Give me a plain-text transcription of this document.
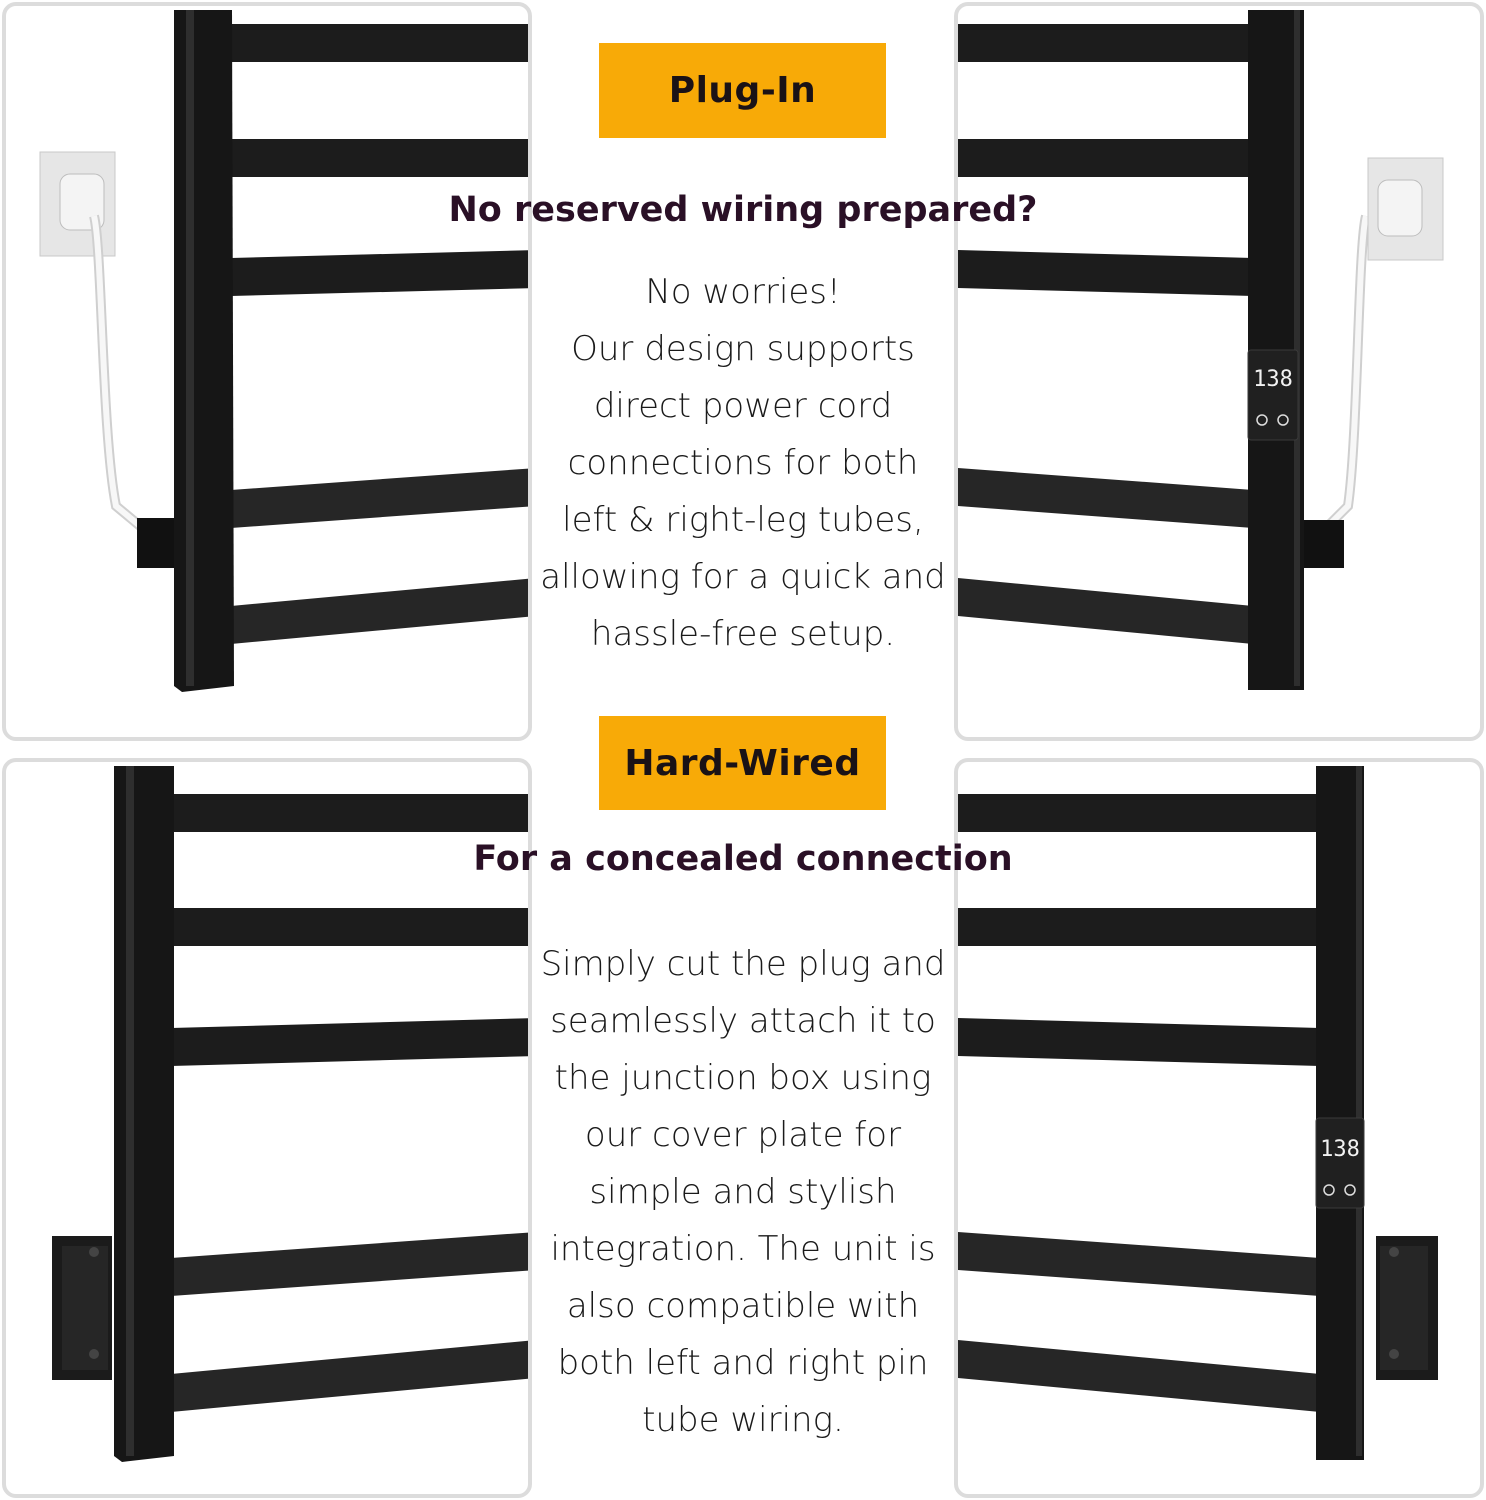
138
138
Plug-In
No reserved wiring prepared?
No worries!
Our design supports
direct power cord
connections for both
left & right-leg tubes,
allowing for a quick and
hassle-free setup.
Hard-Wired
For a concealed connection
Simply cut the plug and
seamlessly attach it to
the junction box using
our cover plate for
simple and stylish
integration. The unit is
also compatible with
both left and right pin
tube wiring.
